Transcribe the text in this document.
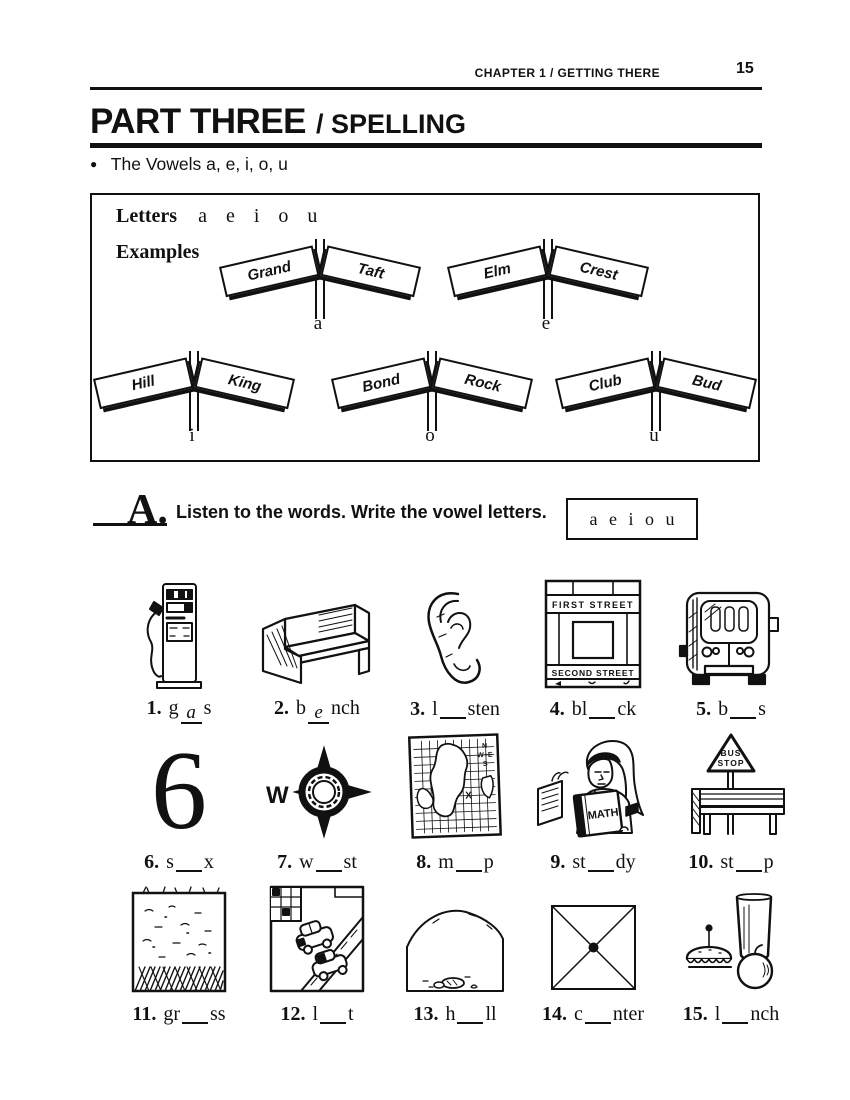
CHAPTER 1 / GETTING THERE	15
PART THREE / SPELLING
● The Vowels a, e, i, o, u
Letters a e i o u
Examples
Grand	Taft
a
Elm	Crest
e
Hill	King
i
Bond	Rock
o
Club	Bud
u
A. Listen to the words. Write the vowel letters. a e i o u
1. g a s	2. b e nch	3. l sten
FIRST STREET
SECOND STREET
4. bl ck	5. b s
6
6. s x
W
7. w st
X
N
W+E
S
8. m p
MATH
9. st dy
BUS
STOP
10. st p
11. gr ss	12. l t	13. h ll 14. c nter 15. l nch
